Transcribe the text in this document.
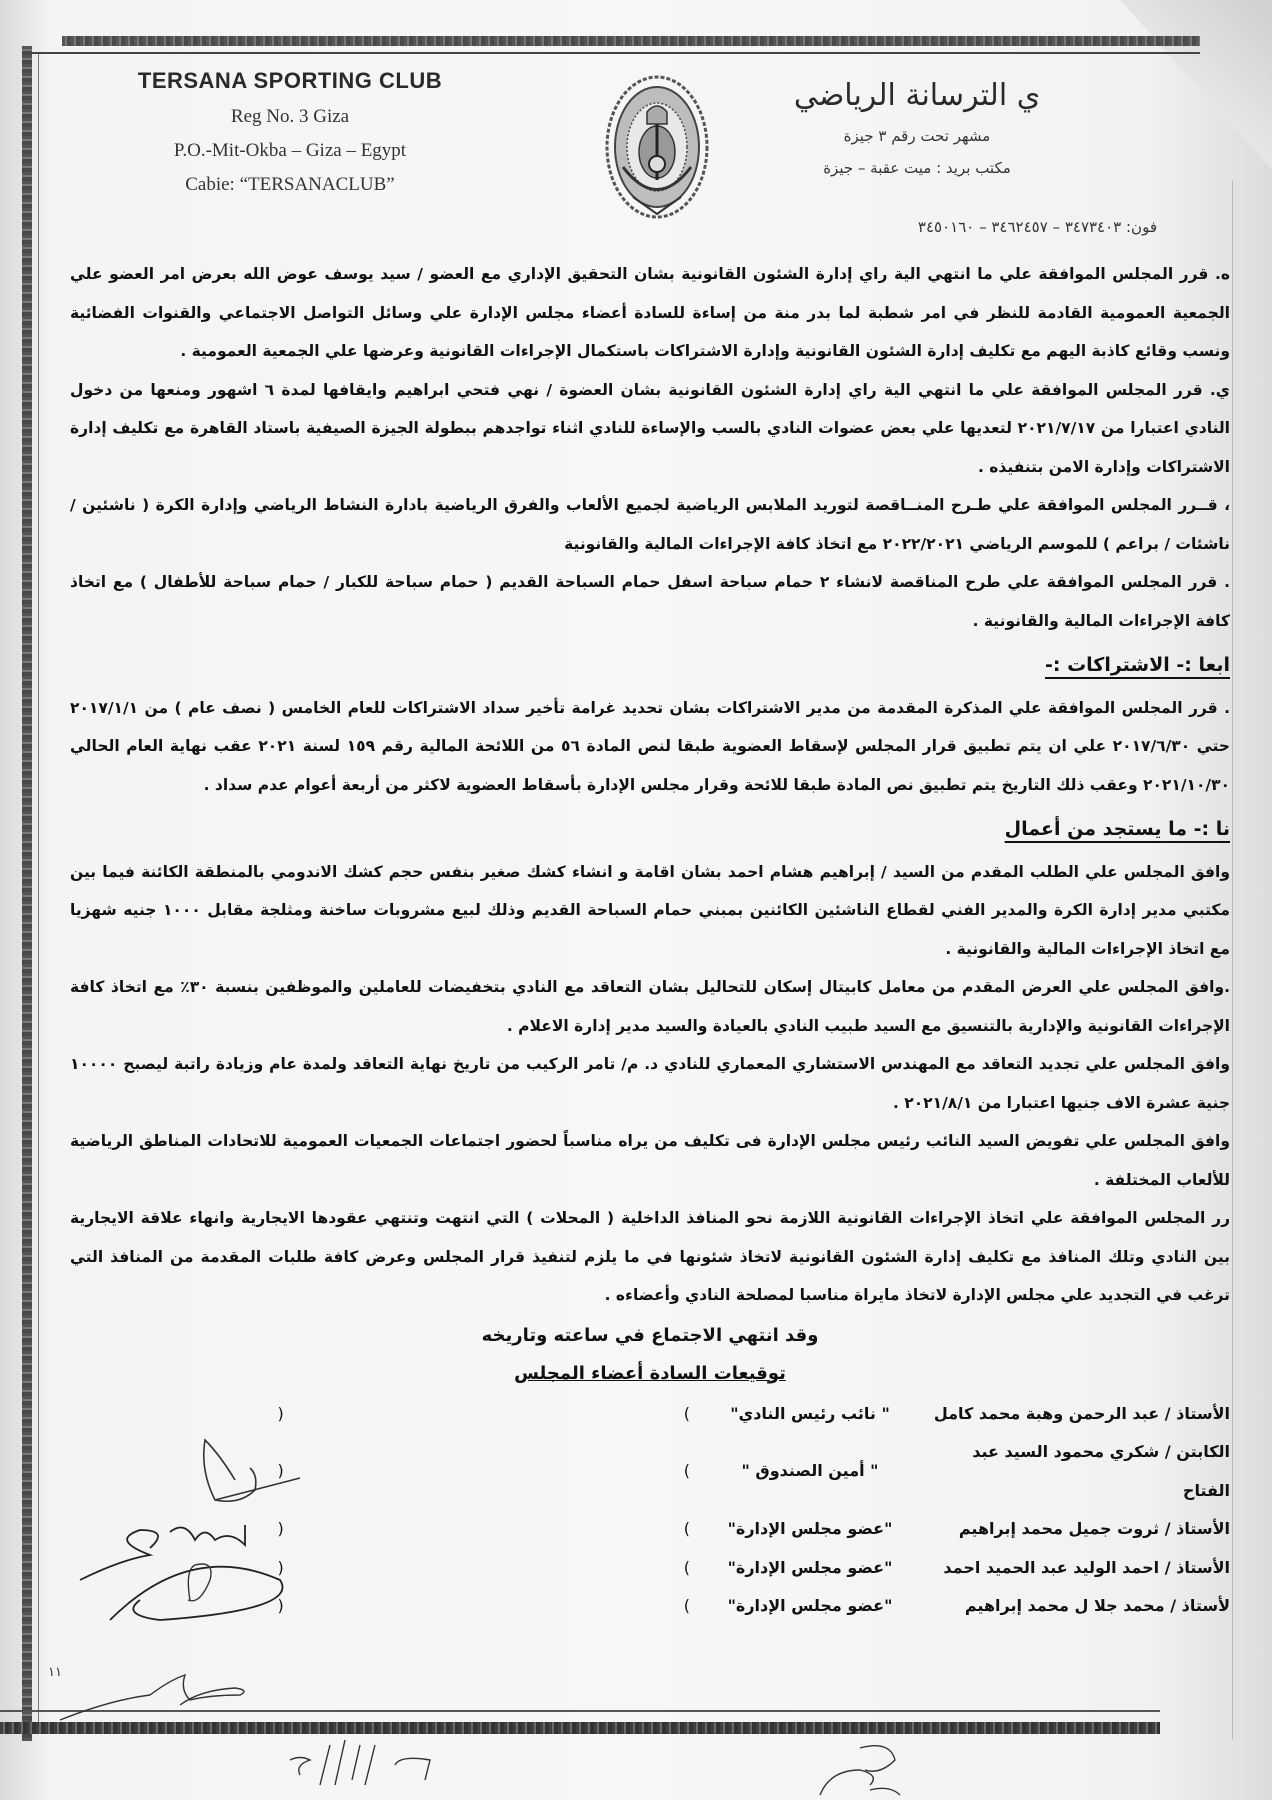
TERSANA SPORTING CLUB
Reg No. 3 Giza
P.O.-Mit-Okba – Giza – Egypt
Cabie: “TERSANACLUB”
ي الترسانة الرياضي
مشهر تحت رقم ٣ جيزة
مكتب بريد : ميت عقبة – جيزة
فون: ٣٤٧٣٤٠٣ – ٣٤٦٢٤٥٧ – ٣٤٥٠١٦٠

ه. قرر المجلس الموافقة علي ما انتهي الية راي إدارة الشئون القانونية بشان التحقيق الإداري مع العضو / سيد يوسف عوض الله بعرض امر العضو علي الجمعية العمومية القادمة للنظر في امر شطبة لما بدر منة من إساءة للسادة أعضاء مجلس الإدارة علي وسائل التواصل الاجتماعي والقنوات الفضائية ونسب وقائع كاذبة اليهم مع تكليف إدارة الشئون القانونية وإدارة الاشتراكات باستكمال الإجراءات القانونية وعرضها علي الجمعية العمومية .

ي. قرر المجلس الموافقة علي ما انتهي الية راي إدارة الشئون القانونية بشان العضوة / نهي فتحي ابراهيم وايقافها لمدة ٦ اشهور ومنعها من دخول النادي اعتبارا من ٢٠٢١/٧/١٧ لتعديها علي بعض عضوات النادي بالسب والإساءة للنادي اثناء تواجدهم ببطولة الجيزة الصيفية باستاد القاهرة مع تكليف إدارة الاشتراكات وإدارة الامن بتنفيذه .

، قــرر المجلس الموافقة علي طـرح المنــاقصة لتوريد الملابس الرياضية لجميع الألعاب والفرق الرياضية بادارة النشاط الرياضي وإدارة الكرة ( ناشئين / ناشئات / براعم ) للموسم الرياضي ٢٠٢٢/٢٠٢١ مع اتخاذ كافة الإجراءات المالية والقانونية

. قرر المجلس الموافقة علي طرح المناقصة لانشاء ٢ حمام سباحة اسفل حمام السباحة القديم ( حمام سباحة للكبار / حمام سباحة للأطفال ) مع اتخاذ كافة الإجراءات المالية والقانونية .

ابعا :- الاشتراكات :-

. قرر المجلس الموافقة علي المذكرة المقدمة من مدير الاشتراكات بشان تحديد غرامة تأخير سداد الاشتراكات للعام الخامس ( نصف عام ) من ٢٠١٧/١/١ حتي ٢٠١٧/٦/٣٠ علي ان يتم تطبيق قرار المجلس لإسقاط العضوية طبقا لنص المادة ٥٦ من اللائحة المالية رقم ١٥٩ لسنة ٢٠٢١ عقب نهاية العام الحالي ٢٠٢١/١٠/٣٠ وعقب ذلك التاريخ يتم تطبيق نص المادة طبقا للائحة وقرار مجلس الإدارة بأسقاط العضوية لاكثر من أربعة أعوام عدم سداد .

نا :- ما يستجد من أعمال

وافق المجلس علي الطلب المقدم من السيد / إبراهيم هشام احمد بشان اقامة و انشاء كشك صغير بنفس حجم كشك الاندومي بالمنطقة الكائنة فيما بين مكتبي مدير إدارة الكرة والمدير الفني لقطاع الناشئين الكائنين بمبني حمام السباحة القديم وذلك لبيع مشروبات ساخنة ومثلجة مقابل ١٠٠٠ جنيه شهزيا مع اتخاذ الإجراءات المالية والقانونية .

.وافق المجلس علي العرض المقدم من معامل كابيتال إسكان للتحاليل بشان التعاقد مع النادي بتخفيضات للعاملين والموظفين بنسبة ٣٠٪ مع اتخاذ كافة الإجراءات القانونية والإدارية بالتنسيق مع السيد طبيب النادي بالعيادة والسيد مدير إدارة الاعلام .

وافق المجلس علي تجديد التعاقد مع المهندس الاستشاري المعماري للنادي د. م/ تامر الركيب من تاريخ نهاية التعاقد ولمدة عام وزيادة راتبة ليصبح ١٠٠٠٠ جنية عشرة الاف جنيها اعتبارا من ٢٠٢١/٨/١ .

وافق المجلس علي تفويض السيد النائب رئيس مجلس الإدارة فى تكليف من يراه مناسباً لحضور اجتماعات الجمعيات العمومية للاتحادات المناطق الرياضية للألعاب المختلفة .

رر المجلس الموافقة علي اتخاذ الإجراءات القانونية اللازمة نحو المنافذ الداخلية ( المحلات ) التي انتهت وتنتهي عقودها الايجارية وانهاء علاقة الايجارية بين النادي وتلك المنافذ مع تكليف إدارة الشئون القانونية لاتخاذ شئونها في ما يلزم لتنفيذ قرار المجلس وعرض كافة طلبات المقدمة من المنافذ التي ترغب في التجديد علي مجلس الإدارة لاتخاذ مايراة مناسبا لمصلحة النادي وأعضاءه .

وقد انتهي الاجتماع في ساعته وتاريخه
توقيعات السادة أعضاء المجلس
الأستاذ / عبد الرحمن وهبة محمد كامل	" نائب رئيس النادي"	)(
الكابتن / شكري محمود السيد عبد الفتاح	" أمين الصندوق "	)(
الأستاذ / ثروت جميل محمد إبراهيم	"عضو مجلس الإدارة"	)(
الأستاذ / احمد الوليد عبد الحميد احمد	"عضو مجلس الإدارة"	)(
لأستاذ / محمد جلا ل محمد إبراهيم	"عضو مجلس الإدارة"	)(
١١
